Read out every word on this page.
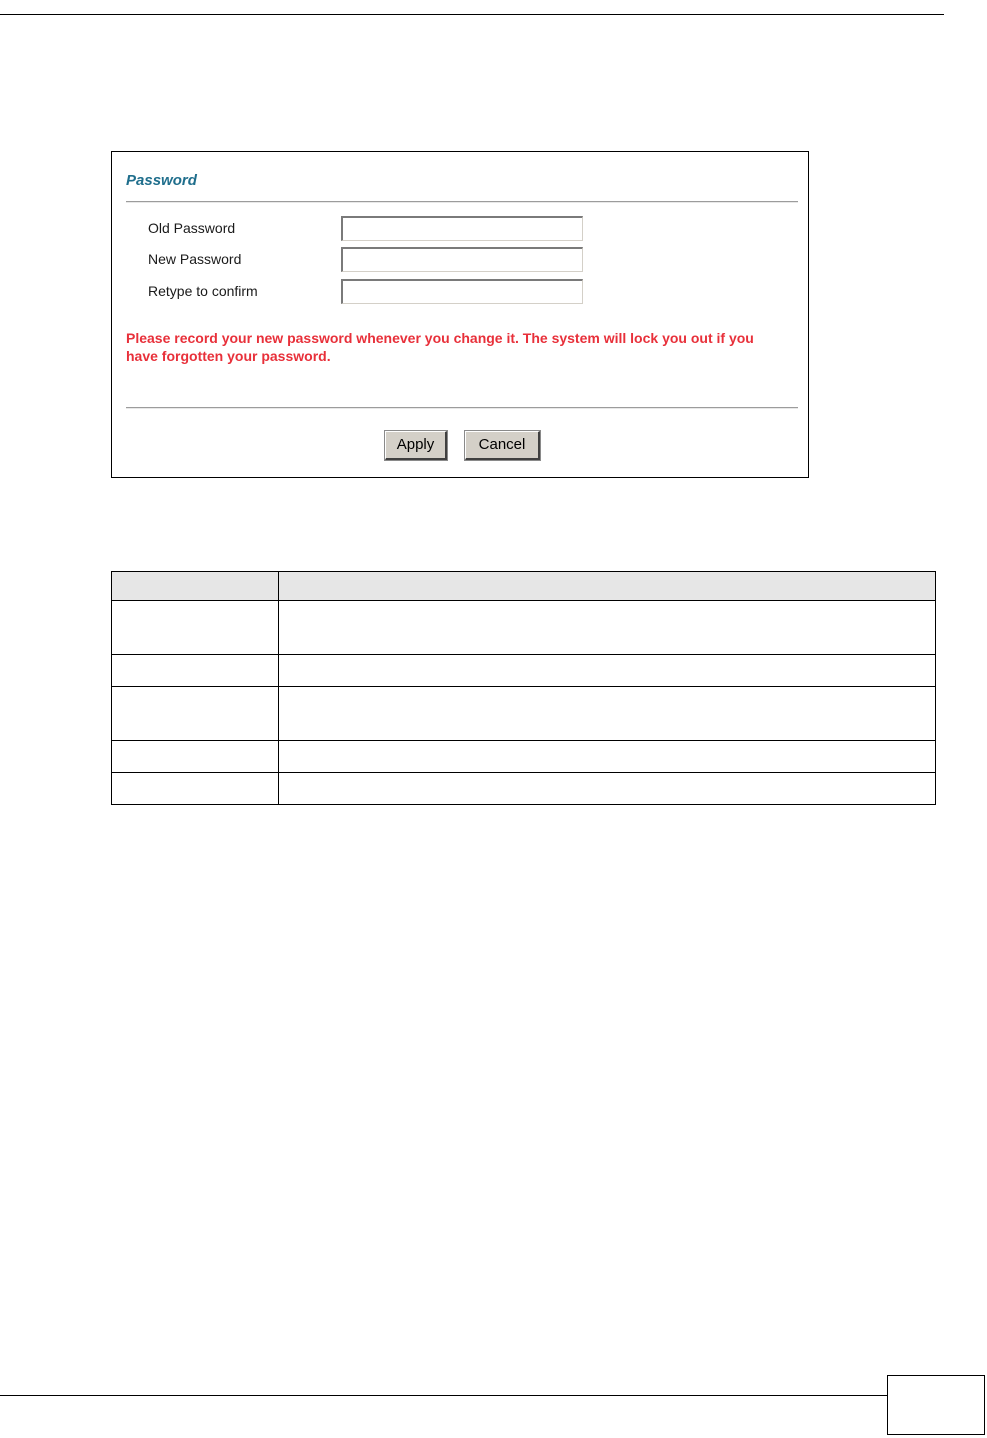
Password
Old Password
New Password
Retype to confirm
Please record your new password whenever you change it. The system will lock you out if you have forgotten your password.
Apply	Cancel
